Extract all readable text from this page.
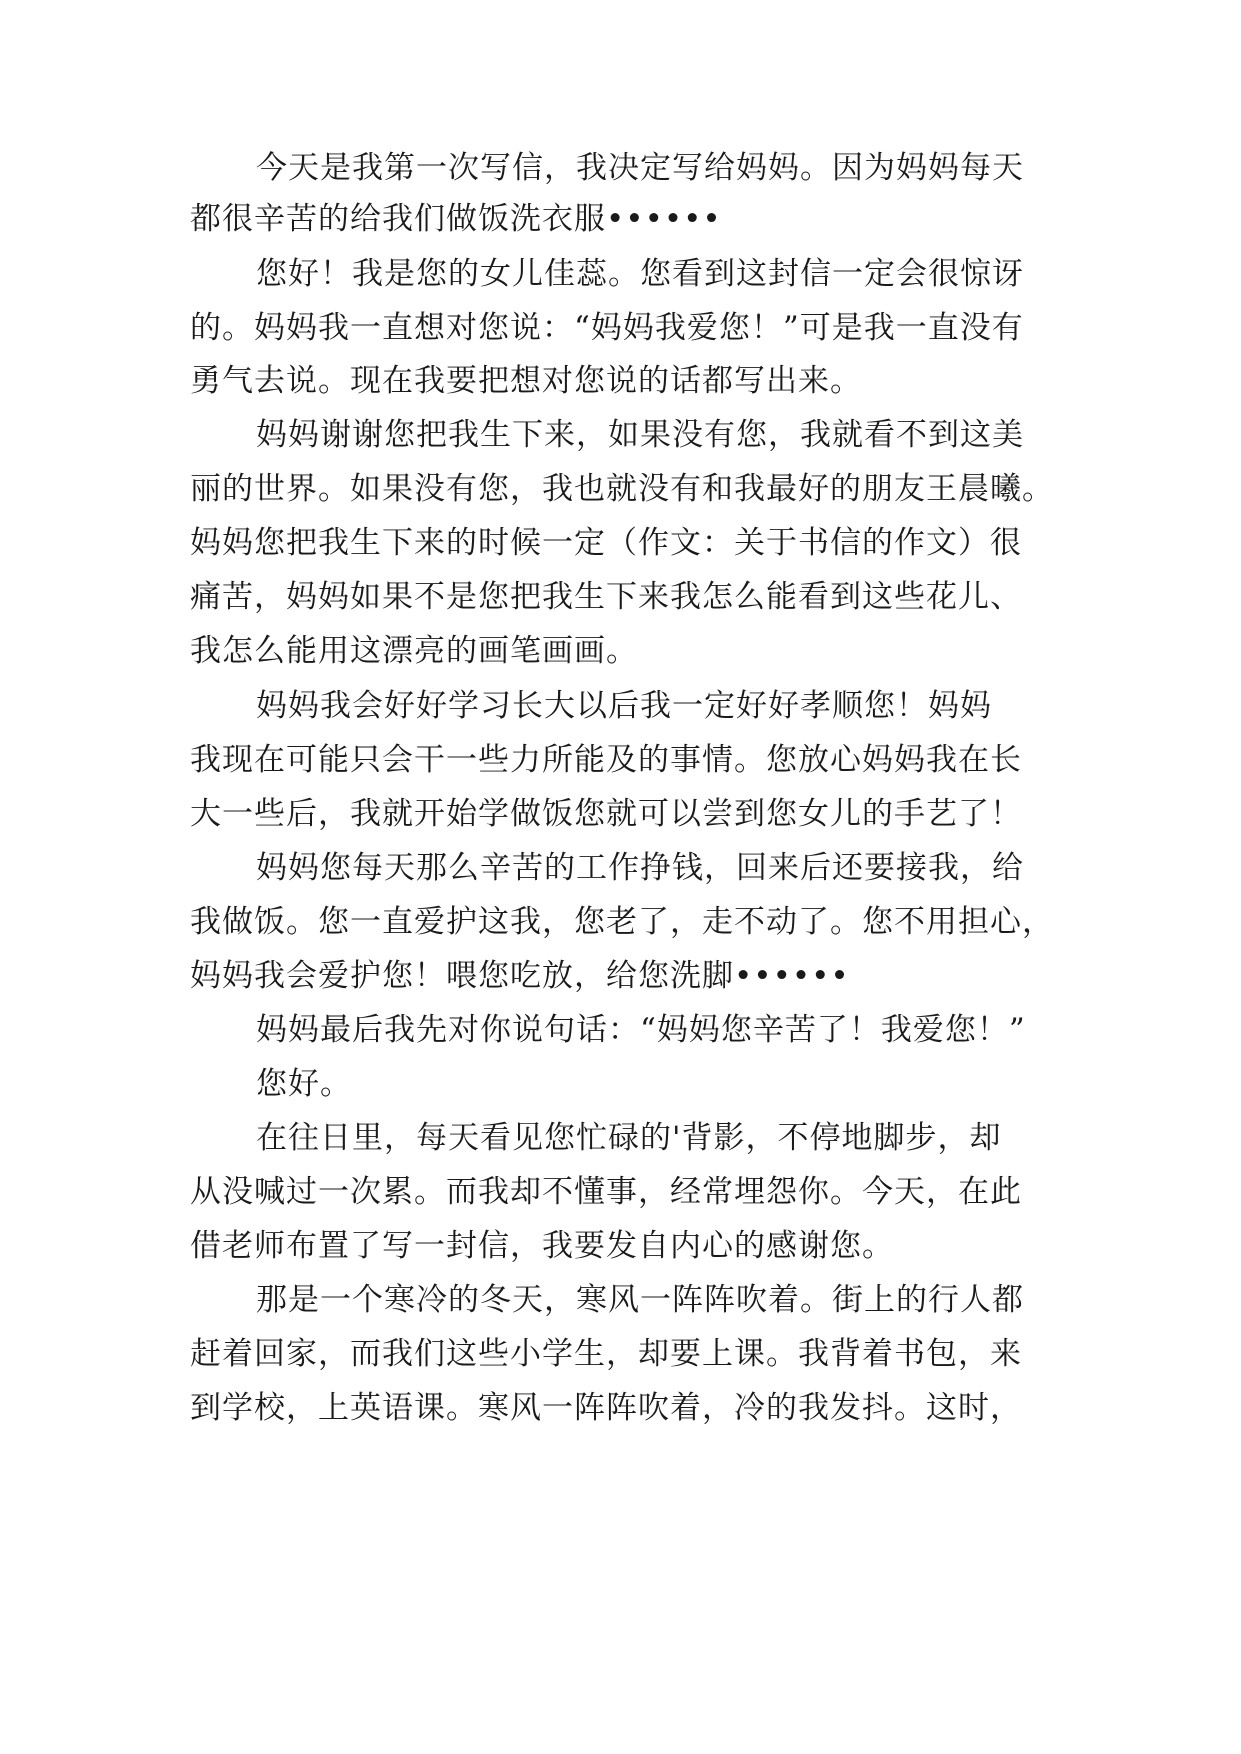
今天是我第一次写信，我决定写给妈妈。因为妈妈每天
都很辛苦的给我们做饭洗衣服••••••
您好！我是您的女儿佳蕊。您看到这封信一定会很惊讶
的。妈妈我一直想对您说：“妈妈我爱您！”可是我一直没有
勇气去说。现在我要把想对您说的话都写出来。
妈妈谢谢您把我生下来，如果没有您，我就看不到这美
丽的世界。如果没有您，我也就没有和我最好的朋友王晨曦。
妈妈您把我生下来的时候一定（作文：关于书信的作文）很
痛苦，妈妈如果不是您把我生下来我怎么能看到这些花儿、
我怎么能用这漂亮的画笔画画。
妈妈我会好好学习长大以后我一定好好孝顺您！妈妈
我现在可能只会干一些力所能及的事情。您放心妈妈我在长
大一些后，我就开始学做饭您就可以尝到您女儿的手艺了！
妈妈您每天那么辛苦的工作挣钱，回来后还要接我，给
我做饭。您一直爱护这我，您老了，走不动了。您不用担心，
妈妈我会爱护您！喂您吃放，给您洗脚••••••
妈妈最后我先对你说句话：“妈妈您辛苦了！我爱您！”
您好。
在往日里，每天看见您忙碌的'背影，不停地脚步，却
从没喊过一次累。而我却不懂事，经常埋怨你。今天，在此
借老师布置了写一封信，我要发自内心的感谢您。
那是一个寒冷的冬天，寒风一阵阵吹着。街上的行人都
赶着回家，而我们这些小学生，却要上课。我背着书包，来
到学校，上英语课。寒风一阵阵吹着，冷的我发抖。这时，
